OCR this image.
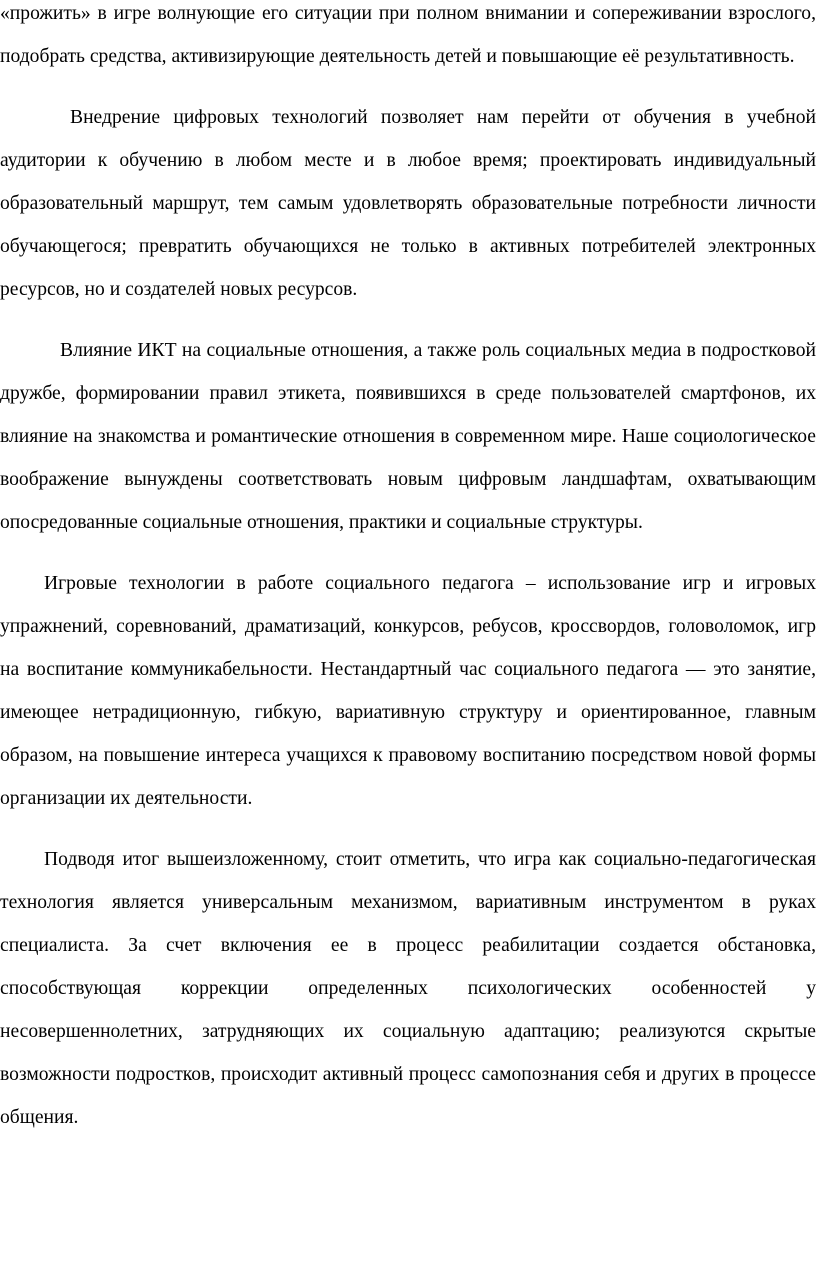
«прожить» в игре волнующие его ситуации при полном внимании и сопереживании взрослого, подобрать средства, активизирующие деятельность детей и повышающие её результативность.

Внедрение цифровых технологий позволяет нам перейти от обучения в учебной аудитории к обучению в любом месте и в любое время; проектировать индивидуальный образовательный маршрут, тем самым удовлетворять образовательные потребности личности обучающегося; превратить обучающихся не только в активных потребителей электронных ресурсов, но и создателей новых ресурсов.

Влияние ИКТ на социальные отношения, а также роль социальных медиа в подростковой дружбе, формировании правил этикета, появившихся в среде пользователей смартфонов, их влияние на знакомства и романтические отношения в современном мире. Наше социологическое воображение вынуждены соответствовать новым цифровым ландшафтам, охватывающим опосредованные социальные отношения, практики и социальные структуры.

Игровые технологии в работе социального педагога – использование игр и игровых упражнений, соревнований, драматизаций, конкурсов, ребусов, кроссвордов, головоломок, игр на воспитание коммуникабельности. Нестандартный час социального педагога — это занятие, имеющее нетрадиционную, гибкую, вариативную структуру и ориентированное, главным образом, на повышение интереса учащихся к правовому воспитанию посредством новой формы организации их деятельности.

Подводя итог вышеизложенному, стоит отметить, что игра как социально-педагогическая технология является универсальным механизмом, вариативным инструментом в руках специалиста. За счет включения ее в процесс реабилитации создается обстановка, способствующая коррекции определенных психологических особенностей у несовершеннолетних, затрудняющих их социальную адаптацию; реализуются скрытые возможности подростков, происходит активный процесс самопознания себя и других в процессе общения.
